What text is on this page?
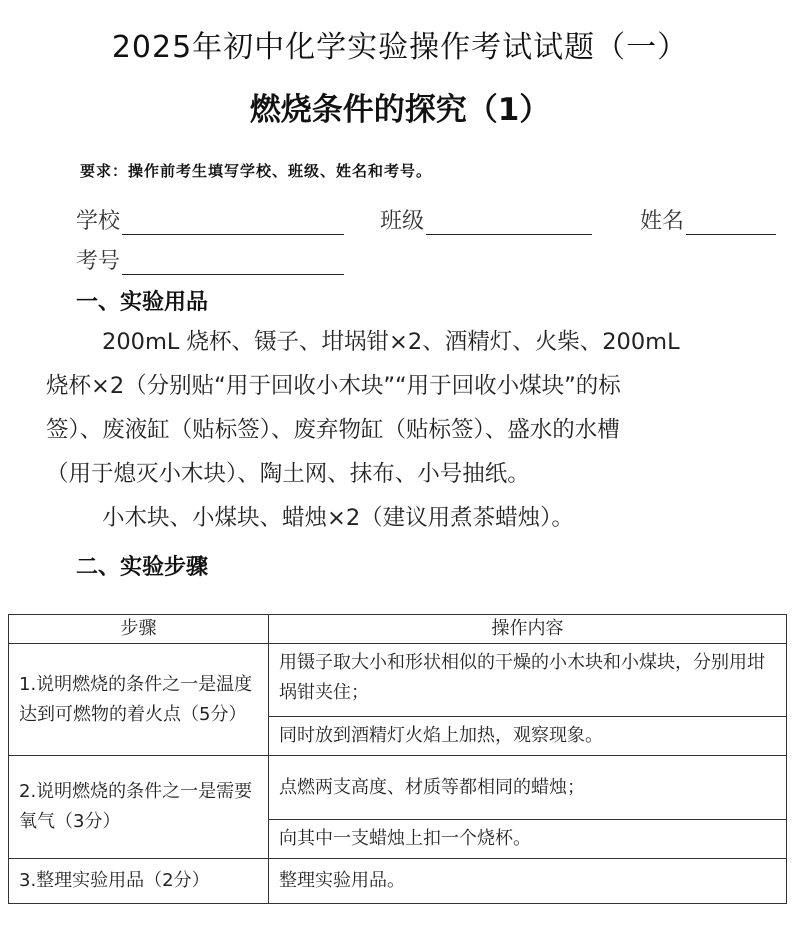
2025年初中化学实验操作考试试题（一）
燃烧条件的探究（1）
要求：操作前考生填写学校、班级、姓名和考号。
学校	班级	姓名
考号
一、实验用品
200mL 烧杯、镊子、坩埚钳×2、酒精灯、火柴、200mL
烧杯×2（分别贴“用于回收小木块”“用于回收小煤块”的标
签）、废液缸（贴标签）、废弃物缸（贴标签）、盛水的水槽
（用于熄灭小木块）、陶土网、抹布、小号抽纸。
小木块、小煤块、蜡烛×2（建议用煮茶蜡烛）。
二、实验步骤
步骤	操作内容
1.说明燃烧的条件之一是温度达到可燃物的着火点（5分）	用镊子取大小和形状相似的干燥的小木块和小煤块，分别用坩埚钳夹住；
	同时放到酒精灯火焰上加热，观察现象。
2.说明燃烧的条件之一是需要氧气（3分）	点燃两支高度、材质等都相同的蜡烛；
	向其中一支蜡烛上扣一个烧杯。
3.整理实验用品（2分）	整理实验用品。
